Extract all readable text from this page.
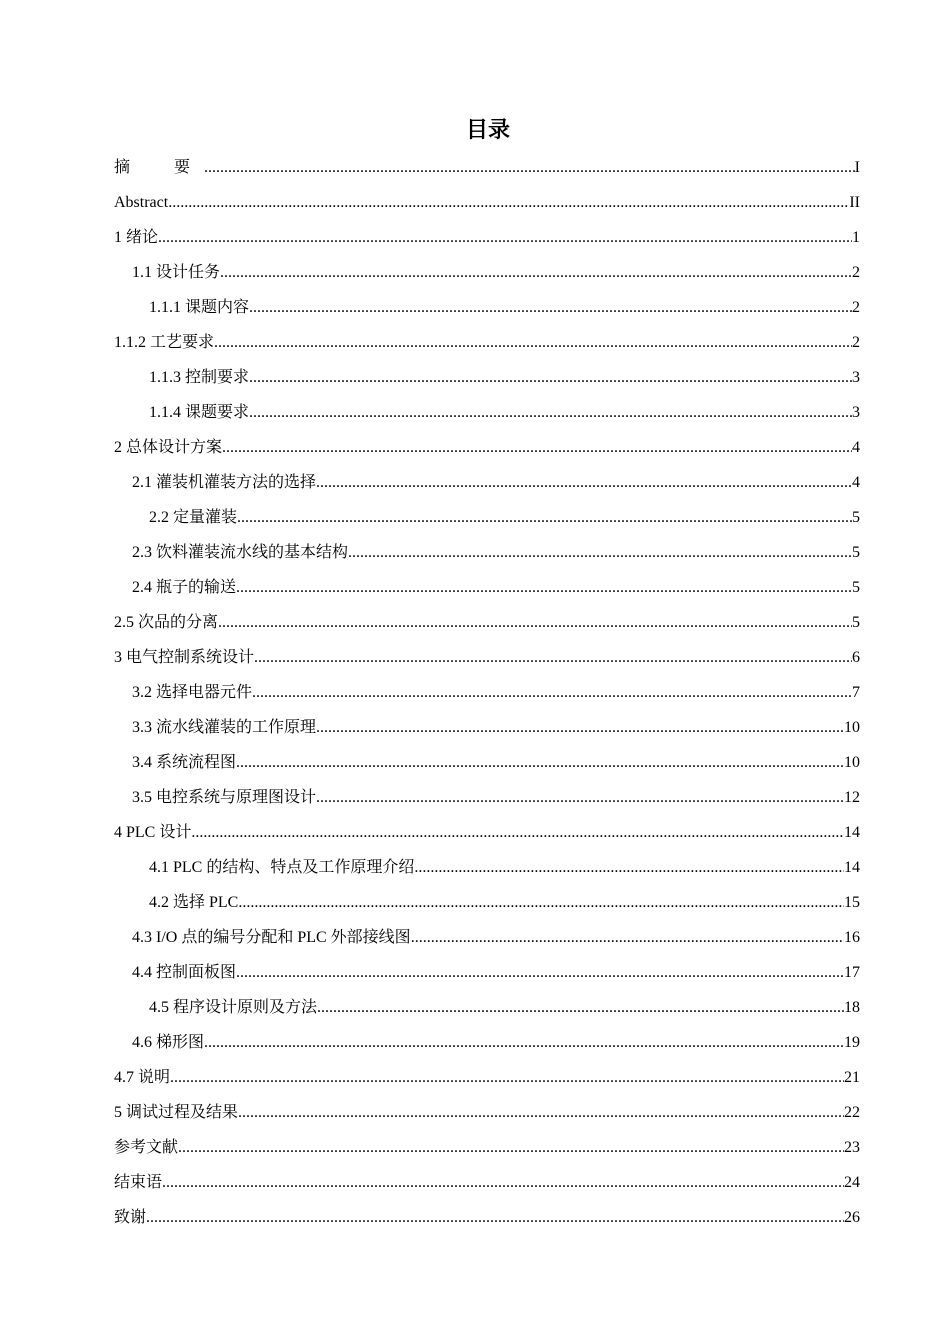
目录
摘　要 .....	I
Abstract .....	II
1 绪论 .....	1
1.1 设计任务 .....	2
1.1.1 课题内容 .....	2
1.1.2 工艺要求 .....	2
1.1.3 控制要求 .....	3
1.1.4 课题要求 .....	3
2 总体设计方案 .....	4
2.1 灌装机灌装方法的选择 .....	4
2.2 定量灌装 .....	5
2.3 饮料灌装流水线的基本结构 .....	5
2.4 瓶子的输送 .....	5
2.5 次品的分离 .....	5
3 电气控制系统设计 .....	6
3.2 选择电器元件 .....	7
3.3 流水线灌装的工作原理 .....	10
3.4 系统流程图 .....	10
3.5 电控系统与原理图设计 .....	12
4 PLC 设计 .....	14
4.1 PLC 的结构、特点及工作原理介绍 .....	14
4.2 选择 PLC .....	15
4.3 I/O 点的编号分配和 PLC 外部接线图 .....	16
4.4 控制面板图 .....	17
4.5 程序设计原则及方法 .....	18
4.6 梯形图 .....	19
4.7 说明 .....	21
5 调试过程及结果 .....	22
参考文献 .....	23
结束语 .....	24
致谢 .....	26
